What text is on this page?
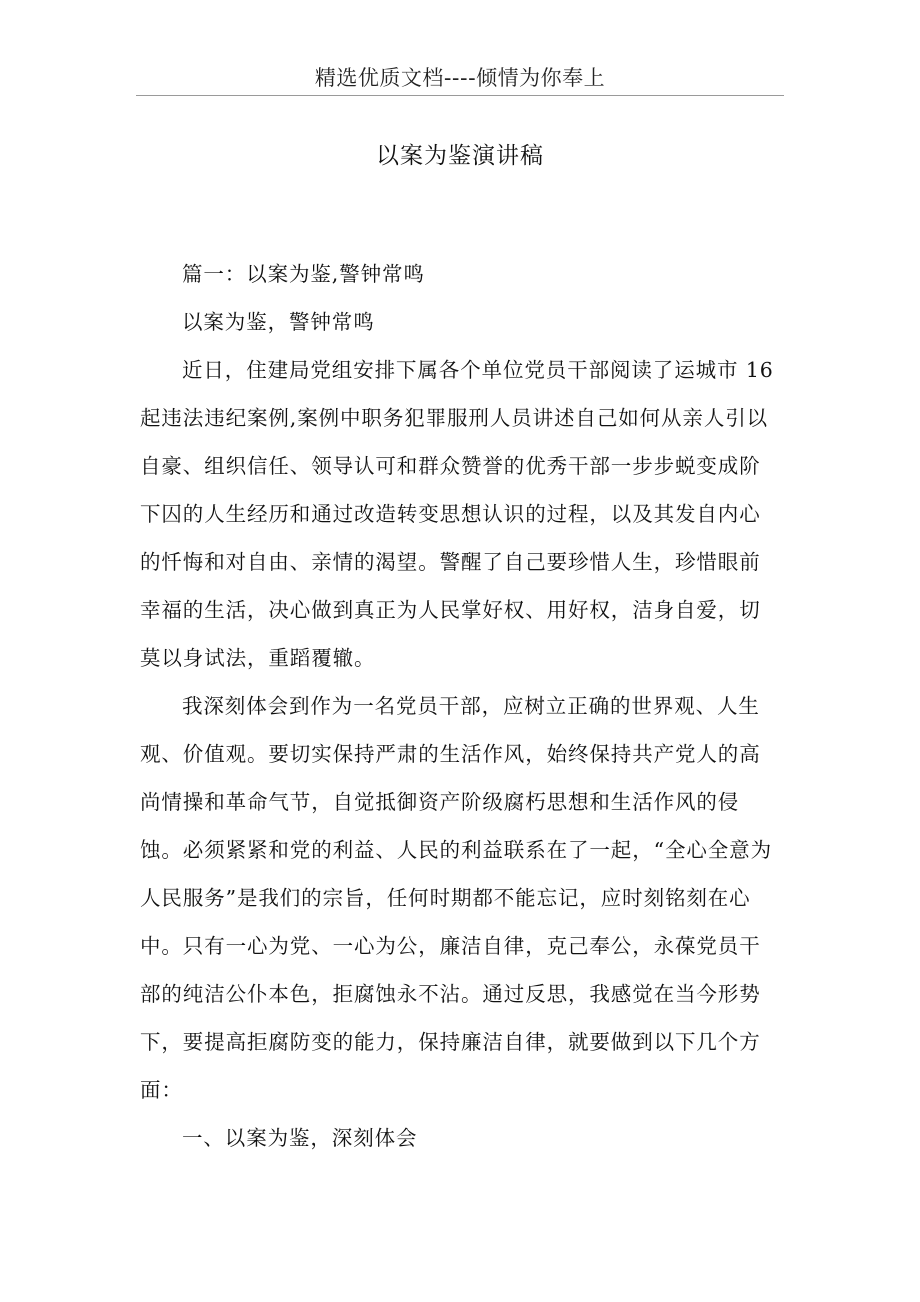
精选优质文档----倾情为你奉上
以案为鉴演讲稿
篇一：以案为鉴,警钟常鸣
以案为鉴，警钟常鸣
近日，住建局党组安排下属各个单位党员干部阅读了运城市 16
起违法违纪案例,案例中职务犯罪服刑人员讲述自己如何从亲人引以
自豪、组织信任、领导认可和群众赞誉的优秀干部一步步蜕变成阶
下囚的人生经历和通过改造转变思想认识的过程，以及其发自内心
的忏悔和对自由、亲情的渴望。警醒了自己要珍惜人生，珍惜眼前
幸福的生活，决心做到真正为人民掌好权、用好权，洁身自爱，切
莫以身试法，重蹈覆辙。
我深刻体会到作为一名党员干部，应树立正确的世界观、人生
观、价值观。要切实保持严肃的生活作风，始终保持共产党人的高
尚情操和革命气节，自觉抵御资产阶级腐朽思想和生活作风的侵
蚀。必须紧紧和党的利益、人民的利益联系在了一起，“全心全意为
人民服务”是我们的宗旨，任何时期都不能忘记，应时刻铭刻在心
中。只有一心为党、一心为公，廉洁自律，克己奉公，永葆党员干
部的纯洁公仆本色，拒腐蚀永不沾。通过反思，我感觉在当今形势
下，要提高拒腐防变的能力，保持廉洁自律，就要做到以下几个方
面：
一、以案为鉴，深刻体会
